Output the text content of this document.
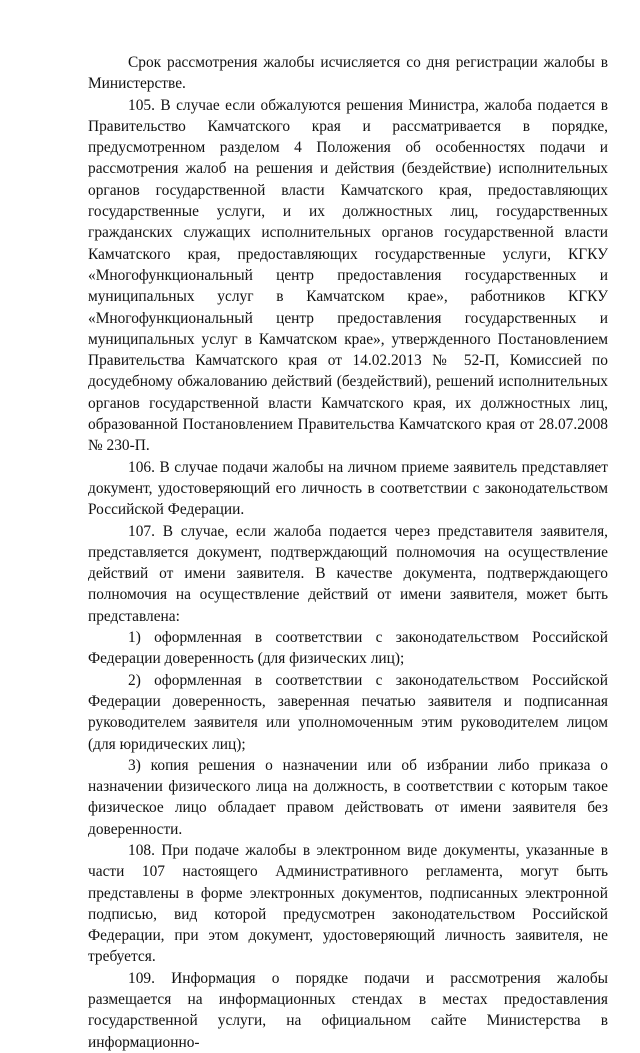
Срок рассмотрения жалобы исчисляется со дня регистрации жалобы в Министерстве.

105. В случае если обжалуются решения Министра, жалоба подается в Правительство Камчатского края и рассматривается в порядке, предусмотренном разделом 4 Положения об особенностях подачи и рассмотрения жалоб на решения и действия (бездействие) исполнительных органов государственной власти Камчатского края, предоставляющих государственные услуги, и их должностных лиц, государственных гражданских служащих исполнительных органов государственной власти Камчатского края, предоставляющих государственные услуги, КГКУ «Многофункциональный центр предоставления государственных и муниципальных услуг в Камчатском крае», работников КГКУ «Многофункциональный центр предоставления государственных и муниципальных услуг в Камчатском крае», утвержденного Постановлением Правительства Камчатского края от 14.02.2013 № 52-П, Комиссией по досудебному обжалованию действий (бездействий), решений исполнительных органов государственной власти Камчатского края, их должностных лиц, образованной Постановлением Правительства Камчатского края от 28.07.2008 № 230-П.

106. В случае подачи жалобы на личном приеме заявитель представляет документ, удостоверяющий его личность в соответствии с законодательством Российской Федерации.

107. В случае, если жалоба подается через представителя заявителя, представляется документ, подтверждающий полномочия на осуществление действий от имени заявителя. В качестве документа, подтверждающего полномочия на осуществление действий от имени заявителя, может быть представлена:

1) оформленная в соответствии с законодательством Российской Федерации доверенность (для физических лиц);

2) оформленная в соответствии с законодательством Российской Федерации доверенность, заверенная печатью заявителя и подписанная руководителем заявителя или уполномоченным этим руководителем лицом (для юридических лиц);

3) копия решения о назначении или об избрании либо приказа о назначении физического лица на должность, в соответствии с которым такое физическое лицо обладает правом действовать от имени заявителя без доверенности.

108. При подаче жалобы в электронном виде документы, указанные в части 107 настоящего Административного регламента, могут быть представлены в форме электронных документов, подписанных электронной подписью, вид которой предусмотрен законодательством Российской Федерации, при этом документ, удостоверяющий личность заявителя, не требуется.

109. Информация о порядке подачи и рассмотрения жалобы размещается на информационных стендах в местах предоставления государственной услуги, на официальном сайте Министерства в информационно-
